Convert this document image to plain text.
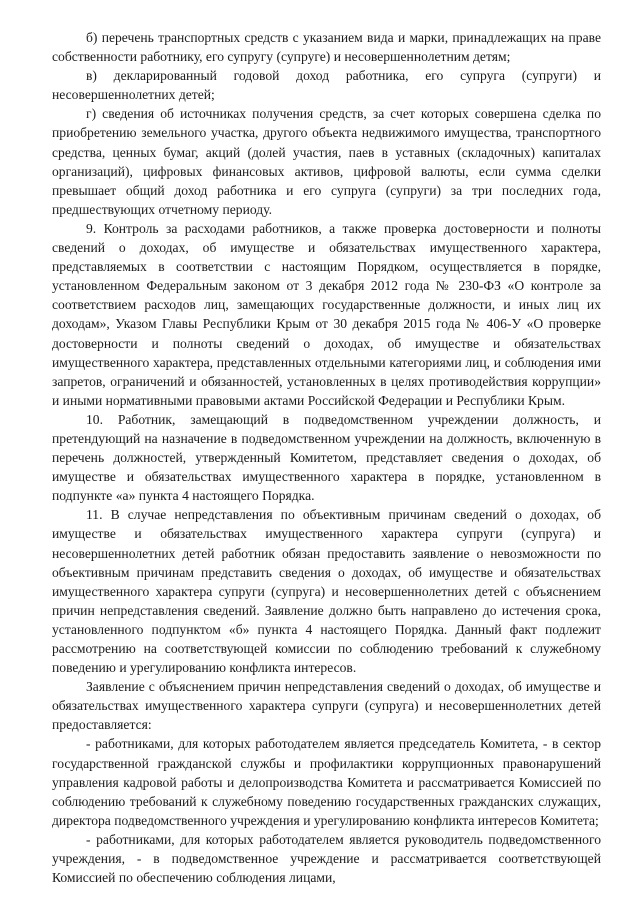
б) перечень транспортных средств с указанием вида и марки, принадлежащих на праве собственности работнику, его супругу (супруге) и несовершеннолетним детям;

в) декларированный годовой доход работника, его супруга (супруги) и несовершеннолетних детей;

г) сведения об источниках получения средств, за счет которых совершена сделка по приобретению земельного участка, другого объекта недвижимого имущества, транспортного средства, ценных бумаг, акций (долей участия, паев в уставных (складочных) капиталах организаций), цифровых финансовых активов, цифровой валюты, если сумма сделки превышает общий доход работника и его супруга (супруги) за три последних года, предшествующих отчетному периоду.

9. Контроль за расходами работников, а также проверка достоверности и полноты сведений о доходах, об имуществе и обязательствах имущественного характера, представляемых в соответствии с настоящим Порядком, осуществляется в порядке, установленном Федеральным законом от 3 декабря 2012 года № 230-ФЗ «О контроле за соответствием расходов лиц, замещающих государственные должности, и иных лиц их доходам», Указом Главы Республики Крым от 30 декабря 2015 года № 406-У «О проверке достоверности и полноты сведений о доходах, об имуществе и обязательствах имущественного характера, представленных отдельными категориями лиц, и соблюдения ими запретов, ограничений и обязанностей, установленных в целях противодействия коррупции» и иными нормативными правовыми актами Российской Федерации и Республики Крым.

10. Работник, замещающий в подведомственном учреждении должность, и претендующий на назначение в подведомственном учреждении на должность, включенную в перечень должностей, утвержденный Комитетом, представляет сведения о доходах, об имуществе и обязательствах имущественного характера в порядке, установленном в подпункте «а» пункта 4 настоящего Порядка.

11. В случае непредставления по объективным причинам сведений о доходах, об имуществе и обязательствах имущественного характера супруги (супруга) и несовершеннолетних детей работник обязан предоставить заявление о невозможности по объективным причинам представить сведения о доходах, об имуществе и обязательствах имущественного характера супруги (супруга) и несовершеннолетних детей с объяснением причин непредставления сведений. Заявление должно быть направлено до истечения срока, установленного подпунктом «б» пункта 4 настоящего Порядка. Данный факт подлежит рассмотрению на соответствующей комиссии по соблюдению требований к служебному поведению и урегулированию конфликта интересов.

Заявление с объяснением причин непредставления сведений о доходах, об имуществе и обязательствах имущественного характера супруги (супруга) и несовершеннолетних детей предоставляется:

- работниками, для которых работодателем является председатель Комитета, - в сектор государственной гражданской службы и профилактики коррупционных правонарушений управления кадровой работы и делопроизводства Комитета и рассматривается Комиссией по соблюдению требований к служебному поведению государственных гражданских служащих, директора подведомственного учреждения и урегулированию конфликта интересов Комитета;

- работниками, для которых работодателем является руководитель подведомственного учреждения, - в подведомственное учреждение и рассматривается соответствующей Комиссией по обеспечению соблюдения лицами,
